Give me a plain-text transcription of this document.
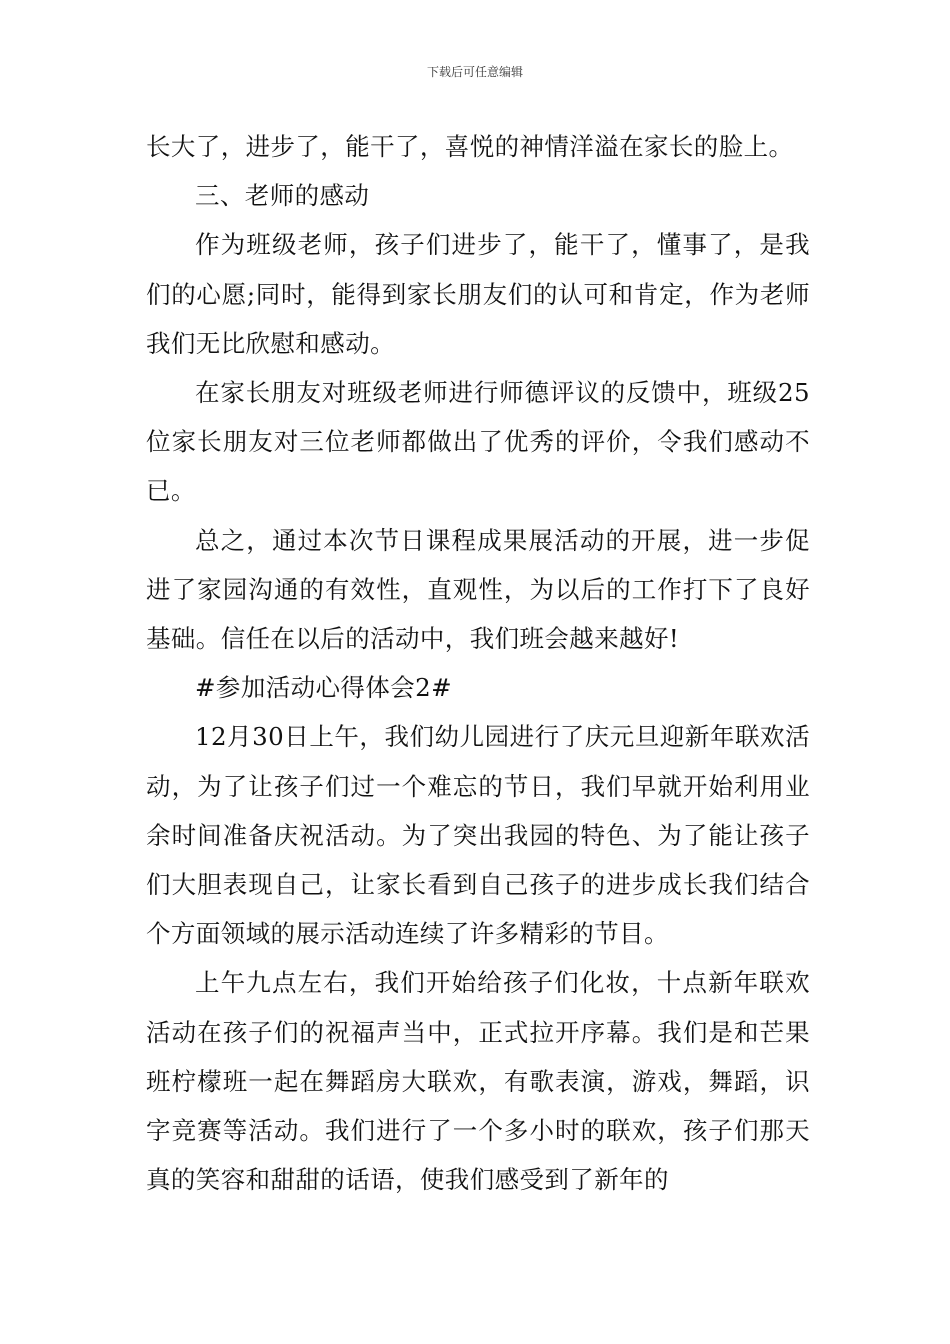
下载后可任意编辑

长大了，进步了，能干了，喜悦的神情洋溢在家长的脸上。

三、老师的感动

作为班级老师，孩子们进步了，能干了，懂事了，是我们的心愿;同时，能得到家长朋友们的认可和肯定，作为老师我们无比欣慰和感动。

在家长朋友对班级老师进行师德评议的反馈中，班级25位家长朋友对三位老师都做出了优秀的评价，令我们感动不已。

总之，通过本次节日课程成果展活动的开展，进一步促进了家园沟通的有效性，直观性，为以后的工作打下了良好基础。信任在以后的活动中，我们班会越来越好!

#参加活动心得体会2#

12月30日上午，我们幼儿园进行了庆元旦迎新年联欢活动，为了让孩子们过一个难忘的节日，我们早就开始利用业余时间准备庆祝活动。为了突出我园的特色、为了能让孩子们大胆表现自己，让家长看到自己孩子的进步成长我们结合个方面领域的展示活动连续了许多精彩的节目。

上午九点左右，我们开始给孩子们化妆，十点新年联欢活动在孩子们的祝福声当中，正式拉开序幕。我们是和芒果班柠檬班一起在舞蹈房大联欢，有歌表演，游戏，舞蹈，识字竞赛等活动。我们进行了一个多小时的联欢，孩子们那天真的笑容和甜甜的话语，使我们感受到了新年的
